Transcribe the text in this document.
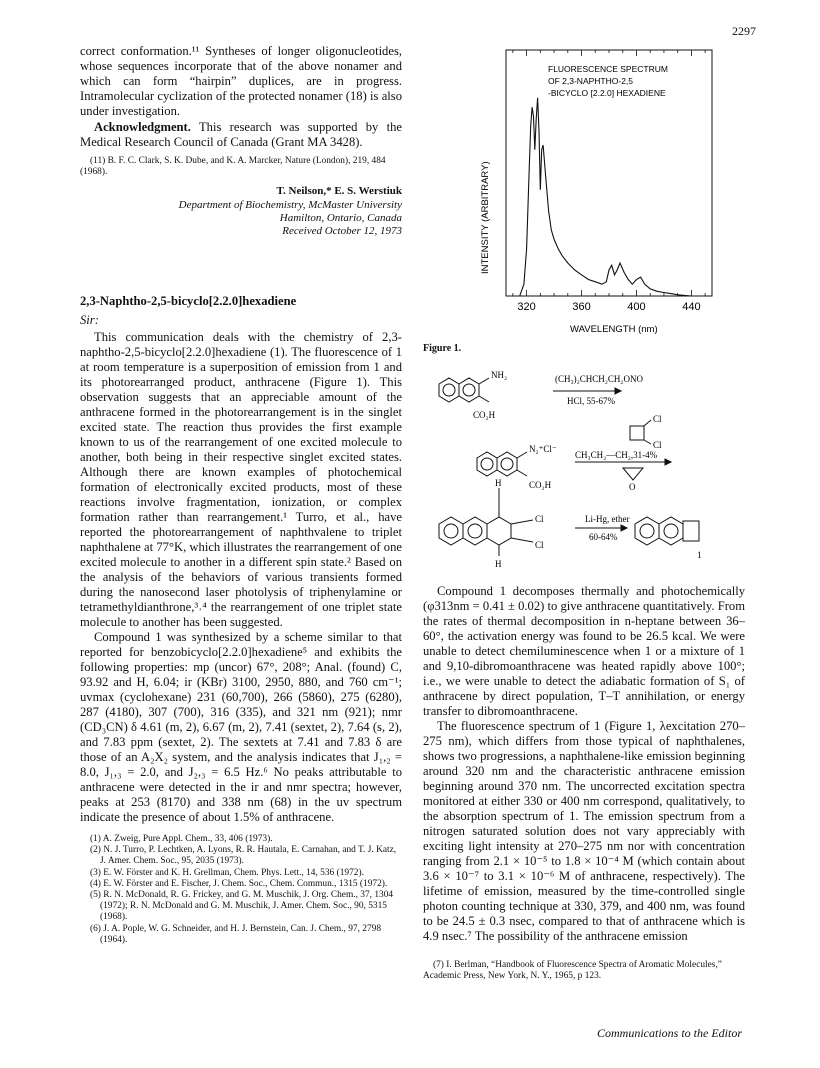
2297

correct conformation.¹¹ Syntheses of longer oligonucleotides, whose sequences incorporate that of the above nonamer and which can form “hairpin” duplices, are in progress. Intramolecular cyclization of the protected nonamer (18) is also under investigation.

Acknowledgment. This research was supported by the Medical Research Council of Canada (Grant MA 3428).

(11) B. F. C. Clark, S. K. Dube, and K. A. Marcker, Nature (London), 219, 484 (1968).

T. Neilson,* E. S. Werstiuk

Department of Biochemistry, McMaster University

Hamilton, Ontario, Canada

Received October 12, 1973

2,3-Naphtho-2,5-bicyclo[2.2.0]hexadiene

Sir:

This communication deals with the chemistry of 2,3-naphtho-2,5-bicyclo[2.2.0]hexadiene (1). The fluorescence of 1 at room temperature is a superposition of emission from 1 and its photorearranged product, anthracene (Figure 1). This observation suggests that an appreciable amount of the anthracene formed in the photorearrangement is in the singlet excited state. The reaction thus provides the first example known to us of the rearrangement of one excited molecule to another, both being in their respective singlet excited states. Although there are known examples of photochemical formation of electronically excited products, most of these reactions involve fragmentation, ionization, or complex formation rather than rearrangement.¹ Turro, et al., have reported the photorearrangement of naphthvalene to triplet naphthalene at 77°K, which illustrates the rearrangement of one excited molecule to another in a different spin state.² Based on the analysis of the behaviors of various transients formed during the nanosecond laser photolysis of triphenylamine or tetramethyldianthrone,³˒⁴ the rearrangement of one triplet state molecule to another has been suggested.

Compound 1 was synthesized by a scheme similar to that reported for benzobicyclo[2.2.0]hexadiene⁵ and exhibits the following properties: mp (uncor) 67°, 208°; Anal. (found) C, 93.92 and H, 6.04; ir (KBr) 3100, 2950, 880, and 760 cm⁻¹; uvmax (cyclohexane) 231 (60,700), 266 (5860), 275 (6280), 287 (4180), 307 (700), 316 (335), and 321 nm (921); nmr (CD₃CN) δ 4.61 (m, 2), 6.67 (m, 2), 7.41 (sextet, 2), 7.64 (s, 2), and 7.83 ppm (sextet, 2). The sextets at 7.41 and 7.83 δ are those of an A₂X₂ system, and the analysis indicates that J₁,₂ = 8.0, J₁,₃ = 2.0, and J₂,₃ = 6.5 Hz.⁶ No peaks attributable to anthracene were detected in the ir and nmr spectra; however, peaks at 253 (8170) and 338 nm (68) in the uv spectrum indicate the presence of about 1.5% of anthracene.

(1) A. Zweig, Pure Appl. Chem., 33, 406 (1973).

(2) N. J. Turro, P. Lechtken, A. Lyons, R. R. Hautala, E. Carnahan, and T. J. Katz, J. Amer. Chem. Soc., 95, 2035 (1973).

(3) E. W. Förster and K. H. Grellman, Chem. Phys. Lett., 14, 536 (1972).

(4) E. W. Förster and E. Fischer, J. Chem. Soc., Chem. Commun., 1315 (1972).

(5) R. N. McDonald, R. G. Frickey, and G. M. Muschik, J. Org. Chem., 37, 1304 (1972); R. N. McDonald and G. M. Muschik, J. Amer. Chem. Soc., 90, 5315 (1968).

(6) J. A. Pople, W. G. Schneider, and H. J. Bernstein, Can. J. Chem., 97, 2798 (1964).

320	360	400	440
FLUORESCENCE SPECTRUM
OF 2,3-NAPHTHO-2,5
-BICYCLO [2.2.0] HEXADIENE
INTENSITY (ARBITRARY)
WAVELENGTH (nm)
Figure 1.
NH₂	(CH₃)₂CHCH₂CH₂ONO
HCl, 55-67%
CO₂H
N₂⁺Cl⁻
Cl
Cl
CH₃CH₂—CH₂,31-4%
O
CO₂H
H
Cl
Cl
H
Li-Hg, ether
60-64%
1

Compound 1 decomposes thermally and photochemically (φ313nm = 0.41 ± 0.02) to give anthracene quantitatively. From the rates of thermal decomposition in n-heptane between 36–60°, the activation energy was found to be 26.5 kcal. We were unable to detect chemiluminescence when 1 or a mixture of 1 and 9,10-dibromoanthracene was heated rapidly above 100°; i.e., we were unable to detect the adiabatic formation of S₁ of anthracene by direct population, T–T annihilation, or energy transfer to dibromoanthracene.

The fluorescence spectrum of 1 (Figure 1, λexcitation 270–275 nm), which differs from those typical of naphthalenes, shows two progressions, a naphthalene-like emission beginning around 320 nm and the characteristic anthracene emission beginning around 370 nm. The uncorrected excitation spectra monitored at either 330 or 400 nm correspond, qualitatively, to the absorption spectrum of 1. The emission spectrum from a nitrogen saturated solution does not vary appreciably with exciting light intensity at 270–275 nm nor with concentration ranging from 2.1 × 10⁻⁵ to 1.8 × 10⁻⁴ M (which contain about 3.6 × 10⁻⁷ to 3.1 × 10⁻⁶ M of anthracene, respectively). The lifetime of emission, measured by the time-controlled single photon counting technique at 330, 379, and 400 nm, was found to be 24.5 ± 0.3 nsec, compared to that of anthracene which is 4.9 nsec.⁷ The possibility of the anthracene emission

(7) I. Berlman, “Handbook of Fluorescence Spectra of Aromatic Molecules,” Academic Press, New York, N. Y., 1965, p 123.

Communications to the Editor
